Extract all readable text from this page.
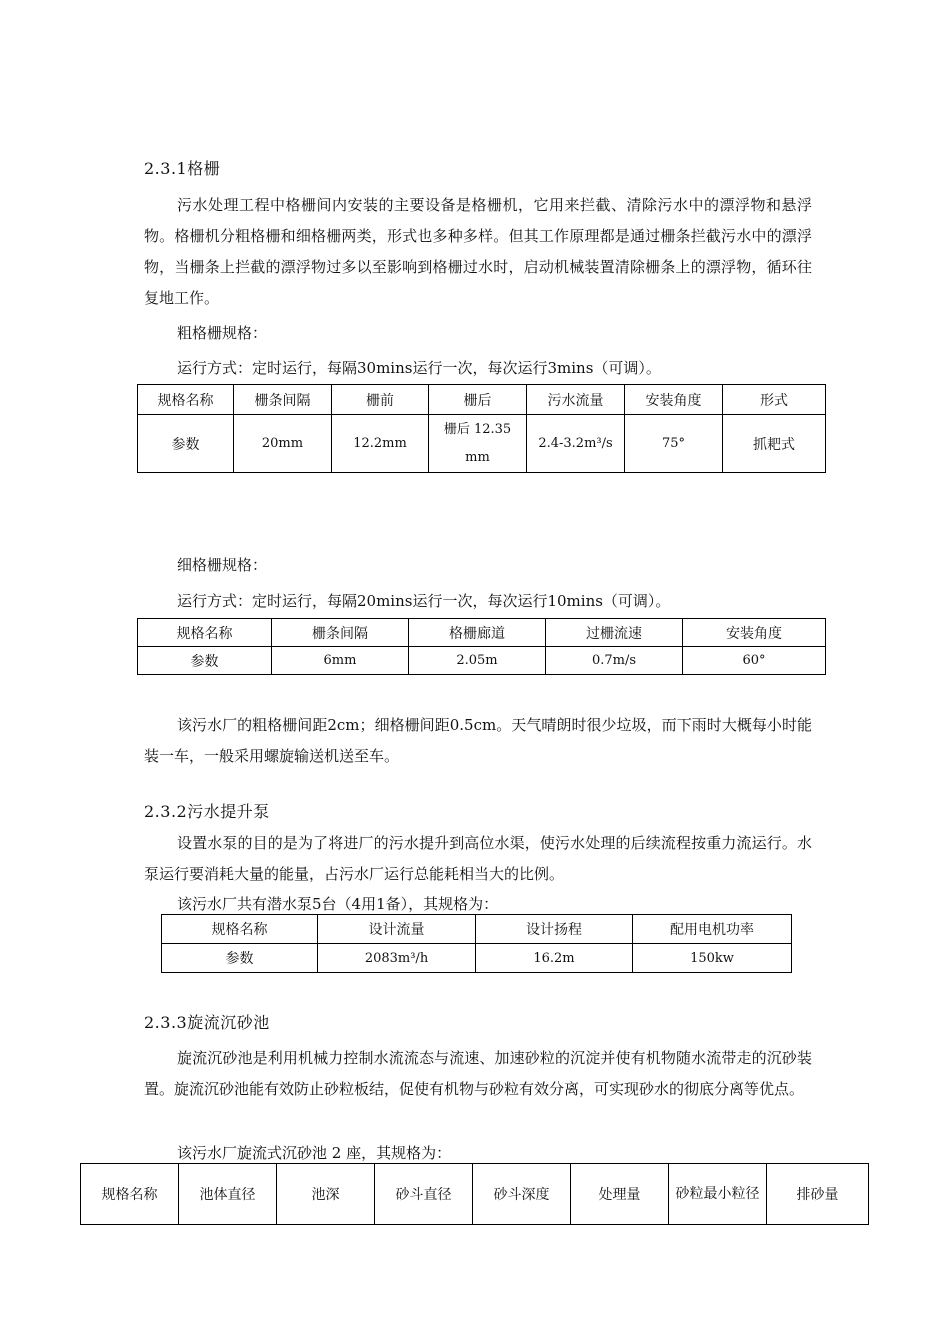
2.3.1格栅
污水处理工程中格栅间内安装的主要设备是格栅机，它用来拦截、清除污水中的漂浮物和悬浮物。格栅机分粗格栅和细格栅两类，形式也多种多样。但其工作原理都是通过栅条拦截污水中的漂浮物，当栅条上拦截的漂浮物过多以至影响到格栅过水时，启动机械装置清除栅条上的漂浮物，循环往复地工作。
粗格栅规格：
运行方式：定时运行，每隔30mins运行一次，每次运行3mins（可调）。
规格名称	栅条间隔	栅前	栅后	污水流量	安装角度	形式
参数	20mm	12.2mm	栅后 12.35 mm	2.4-3.2m³/s	75°	抓耙式
细格栅规格：
运行方式：定时运行，每隔20mins运行一次，每次运行10mins（可调）。
规格名称	栅条间隔	格栅廊道	过栅流速	安装角度
参数	6mm	2.05m	0.7m/s	60°
该污水厂的粗格栅间距2cm；细格栅间距0.5cm。天气晴朗时很少垃圾，而下雨时大概每小时能装一车，一般采用螺旋输送机送至车。
2.3.2污水提升泵
设置水泵的目的是为了将进厂的污水提升到高位水渠，使污水处理的后续流程按重力流运行。水泵运行要消耗大量的能量，占污水厂运行总能耗相当大的比例。
该污水厂共有潜水泵5台（4用1备），其规格为：
规格名称	设计流量	设计扬程	配用电机功率
参数	2083m³/h	16.2m	150kw
2.3.3旋流沉砂池
旋流沉砂池是利用机械力控制水流流态与流速、加速砂粒的沉淀并使有机物随水流带走的沉砂装置。旋流沉砂池能有效防止砂粒板结，促使有机物与砂粒有效分离，可实现砂水的彻底分离等优点。
该污水厂旋流式沉砂池 2 座，其规格为：
规格名称	池体直径	池深	砂斗直径	砂斗深度	处理量	砂粒最小粒径	排砂量
